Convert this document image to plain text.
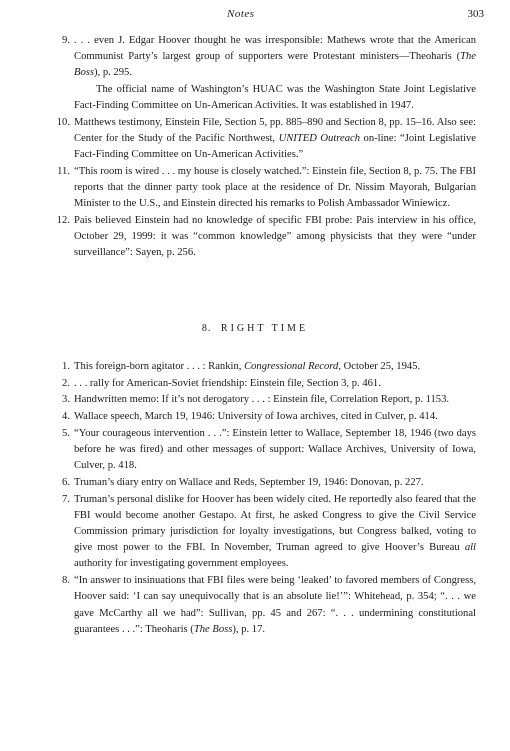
Notes	303
9. . . . even J. Edgar Hoover thought he was irresponsible: Mathews wrote that the American Communist Party’s largest group of supporters were Protestant ministers—Theoharis (The Boss), p. 295.
The official name of Washington’s HUAC was the Washington State Joint Legislative Fact-Finding Committee on Un-American Activities. It was established in 1947.
10. Matthews testimony, Einstein File, Section 5, pp. 885–890 and Section 8, pp. 15–16. Also see: Center for the Study of the Pacific Northwest, UNITED Outreach on-line: “Joint Legislative Fact-Finding Committee on Un-American Activities.”
11. “This room is wired . . . my house is closely watched.”: Einstein file, Section 8, p. 75. The FBI reports that the dinner party took place at the residence of Dr. Nissim Mayorah, Bulgarian Minister to the U.S., and Einstein directed his remarks to Polish Ambassador Winiewicz.
12. Pais believed Einstein had no knowledge of specific FBI probe: Pais interview in his office, October 29, 1999: it was “common knowledge” among physicists that they were “under surveillance”: Sayen, p. 256.
8. RIGHT TIME
1. This foreign-born agitator . . . : Rankin, Congressional Record, October 25, 1945.
2. . . . rally for American-Soviet friendship: Einstein file, Section 3, p. 461.
3. Handwritten memo: If it’s not derogatory . . . : Einstein file, Correlation Report, p. 1153.
4. Wallace speech, March 19, 1946: University of Iowa archives, cited in Culver, p. 414.
5. “Your courageous intervention . . .”: Einstein letter to Wallace, September 18, 1946 (two days before he was fired) and other messages of support: Wallace Archives, University of Iowa, Culver, p. 418.
6. Truman’s diary entry on Wallace and Reds, September 19, 1946: Donovan, p. 227.
7. Truman’s personal dislike for Hoover has been widely cited. He reportedly also feared that the FBI would become another Gestapo. At first, he asked Congress to give the Civil Service Commission primary jurisdiction for loyalty investigations, but Congress balked, voting to give most power to the FBI. In November, Truman agreed to give Hoover’s Bureau all authority for investigating government employees.
8. “In answer to insinuations that FBI files were being ‘leaked’ to favored members of Congress, Hoover said: ‘I can say unequivocally that is an absolute lie!’”: Whitehead, p. 354; “. . . we gave McCarthy all we had”: Sullivan, pp. 45 and 267: “. . . undermining constitutional guarantees . . .”: Theoharis (The Boss), p. 17.
